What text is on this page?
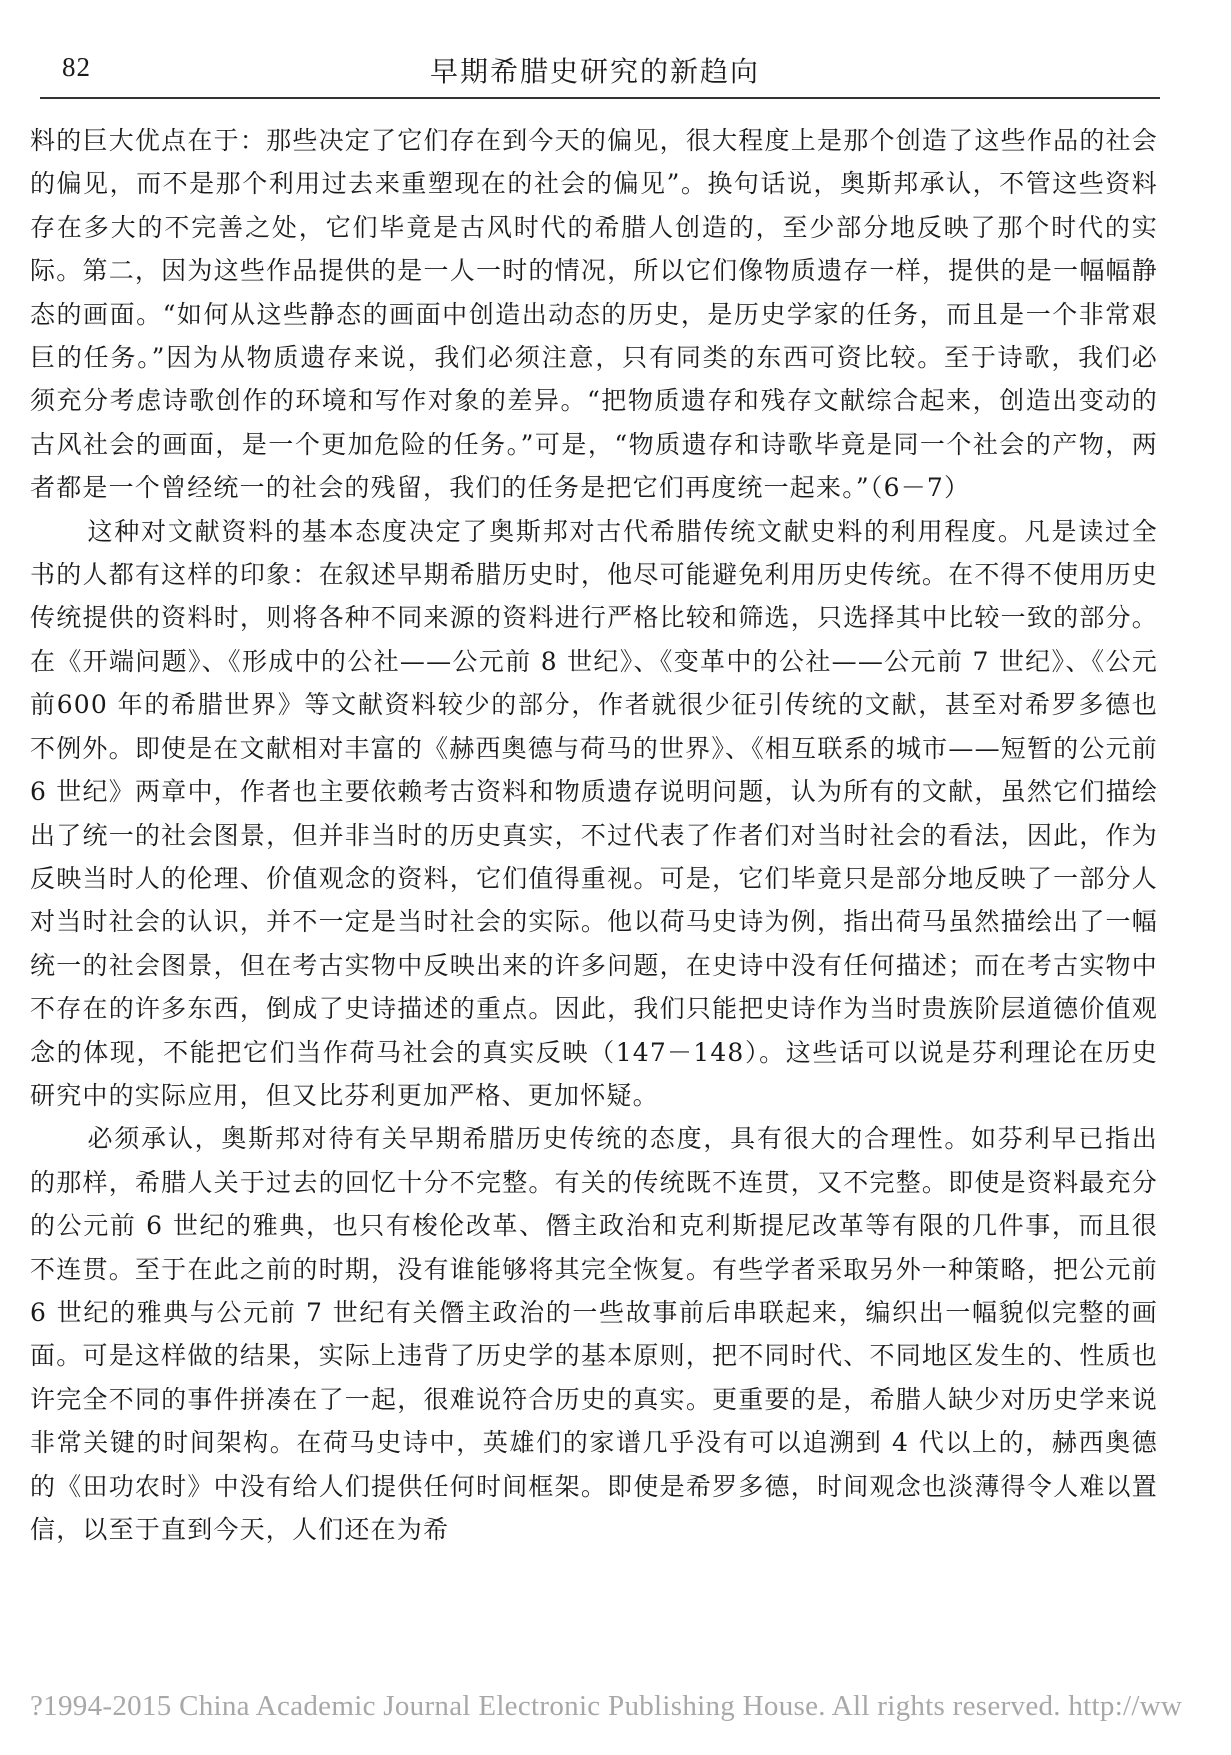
82	早期希腊史研究的新趋向

料的巨大优点在于：那些决定了它们存在到今天的偏见，很大程度上是那个创造了这些作品的社会的偏见，而不是那个利用过去来重塑现在的社会的偏见”。换句话说，奥斯邦承认，不管这些资料存在多大的不完善之处，它们毕竟是古风时代的希腊人创造的，至少部分地反映了那个时代的实际。第二，因为这些作品提供的是一人一时的情况，所以它们像物质遗存一样，提供的是一幅幅静态的画面。“如何从这些静态的画面中创造出动态的历史，是历史学家的任务，而且是一个非常艰巨的任务。”因为从物质遗存来说，我们必须注意，只有同类的东西可资比较。至于诗歌，我们必须充分考虑诗歌创作的环境和写作对象的差异。“把物质遗存和残存文献综合起来，创造出变动的古风社会的画面，是一个更加危险的任务。”可是，“物质遗存和诗歌毕竟是同一个社会的产物，两者都是一个曾经统一的社会的残留，我们的任务是把它们再度统一起来。”（6－7）

这种对文献资料的基本态度决定了奥斯邦对古代希腊传统文献史料的利用程度。凡是读过全书的人都有这样的印象：在叙述早期希腊历史时，他尽可能避免利用历史传统。在不得不使用历史传统提供的资料时，则将各种不同来源的资料进行严格比较和筛选，只选择其中比较一致的部分。在《开端问题》、《形成中的公社——公元前 8 世纪》、《变革中的公社——公元前 7 世纪》、《公元前600 年的希腊世界》等文献资料较少的部分，作者就很少征引传统的文献，甚至对希罗多德也不例外。即使是在文献相对丰富的《赫西奥德与荷马的世界》、《相互联系的城市——短暂的公元前 6 世纪》两章中，作者也主要依赖考古资料和物质遗存说明问题，认为所有的文献，虽然它们描绘出了统一的社会图景，但并非当时的历史真实，不过代表了作者们对当时社会的看法，因此，作为反映当时人的伦理、价值观念的资料，它们值得重视。可是，它们毕竟只是部分地反映了一部分人对当时社会的认识，并不一定是当时社会的实际。他以荷马史诗为例，指出荷马虽然描绘出了一幅统一的社会图景，但在考古实物中反映出来的许多问题，在史诗中没有任何描述；而在考古实物中不存在的许多东西，倒成了史诗描述的重点。因此，我们只能把史诗作为当时贵族阶层道德价值观念的体现，不能把它们当作荷马社会的真实反映（147－148）。这些话可以说是芬利理论在历史研究中的实际应用，但又比芬利更加严格、更加怀疑。

必须承认，奥斯邦对待有关早期希腊历史传统的态度，具有很大的合理性。如芬利早已指出的那样，希腊人关于过去的回忆十分不完整。有关的传统既不连贯，又不完整。即使是资料最充分的公元前 6 世纪的雅典，也只有梭伦改革、僭主政治和克利斯提尼改革等有限的几件事，而且很不连贯。至于在此之前的时期，没有谁能够将其完全恢复。有些学者采取另外一种策略，把公元前 6 世纪的雅典与公元前 7 世纪有关僭主政治的一些故事前后串联起来，编织出一幅貌似完整的画面。可是这样做的结果，实际上违背了历史学的基本原则，把不同时代、不同地区发生的、性质也许完全不同的事件拼凑在了一起，很难说符合历史的真实。更重要的是，希腊人缺少对历史学来说非常关键的时间架构。在荷马史诗中，英雄们的家谱几乎没有可以追溯到 4 代以上的，赫西奥德的《田功农时》中没有给人们提供任何时间框架。即使是希罗多德，时间观念也淡薄得令人难以置信，以至于直到今天，人们还在为希

?1994-2015 China Academic Journal Electronic Publishing House. All rights reserved. http://ww
